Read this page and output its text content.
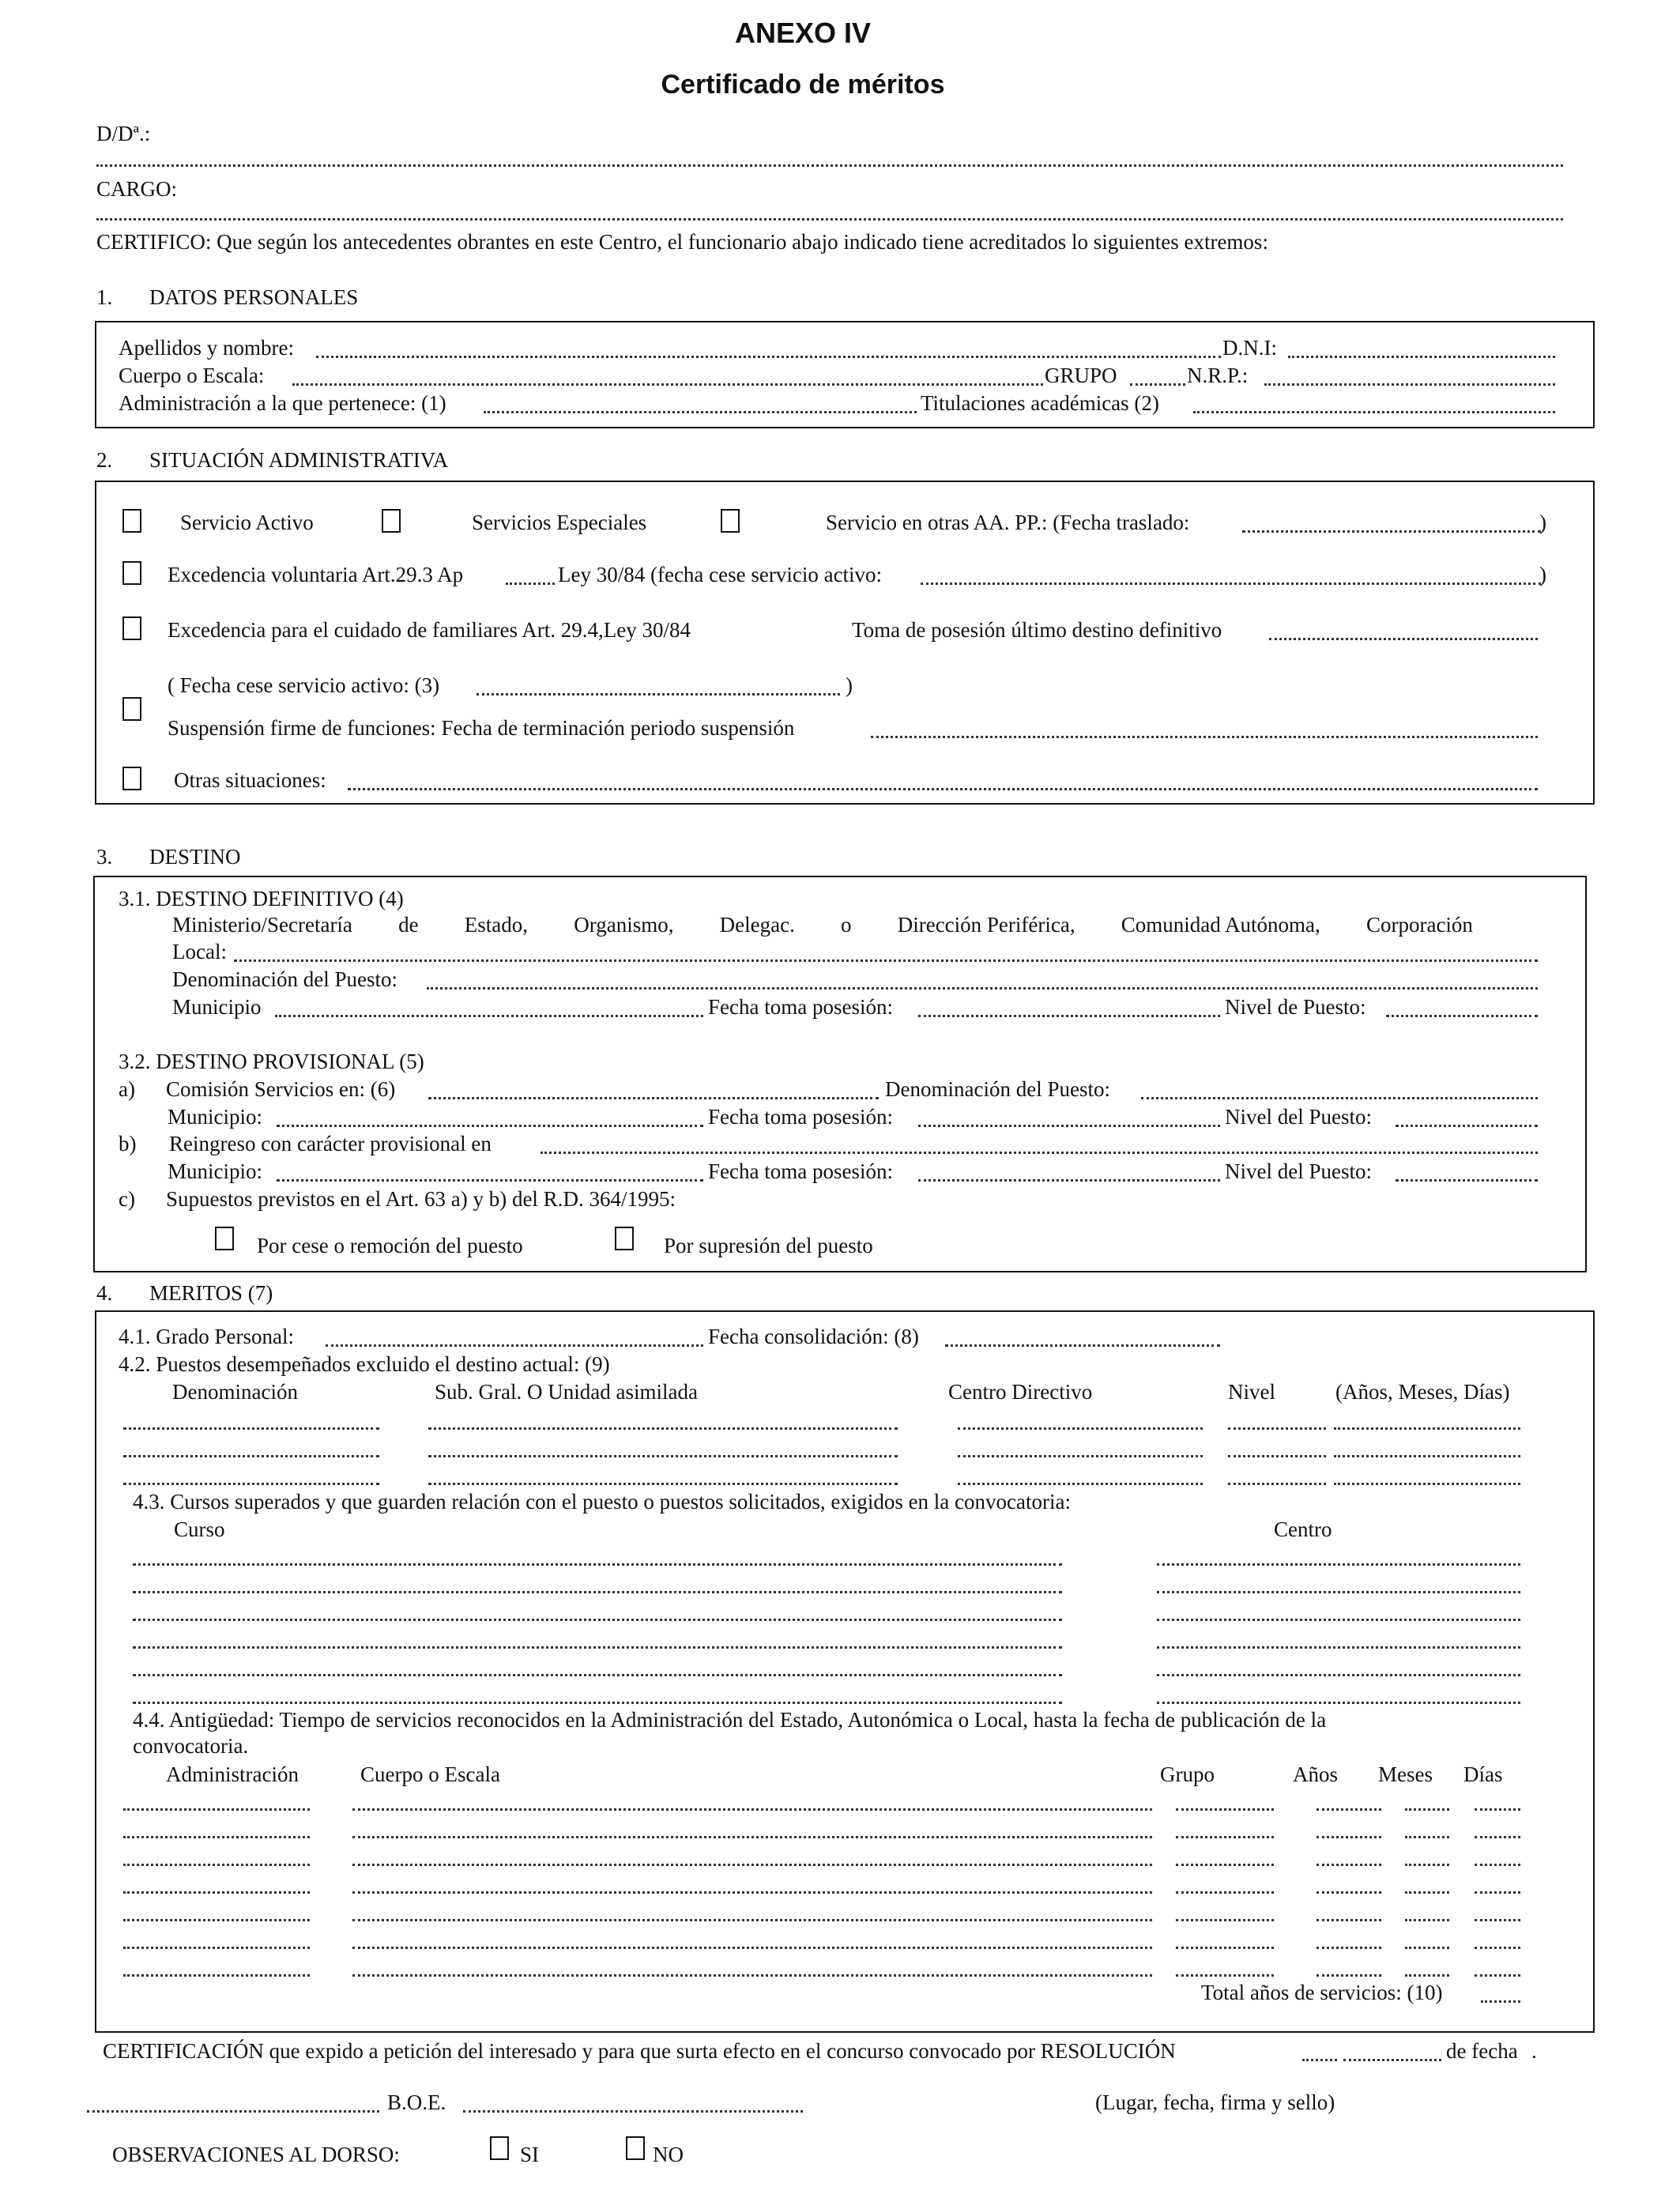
ANEXO IV
Certificado de méritos
D/Dª.:
CARGO:
CERTIFICO: Que según los antecedentes obrantes en este Centro, el funcionario abajo indicado tiene acreditados lo siguientes extremos:
1. DATOS PERSONALES
Apellidos y nombre:	D.N.I:
Cuerpo o Escala:	GRUPO	N.R.P.:
Administración a la que pertenece: (1)	Titulaciones académicas (2)
2. SITUACIÓN ADMINISTRATIVA
Servicio Activo	Servicios Especiales	Servicio en otras AA. PP.: (Fecha traslado:	)
Excedencia voluntaria Art.29.3 Ap	Ley 30/84 (fecha cese servicio activo:	)
Excedencia para el cuidado de familiares Art. 29.4,Ley 30/84	Toma de posesión último destino definitivo
( Fecha cese servicio activo: (3)	)
Suspensión firme de funciones: Fecha de terminación periodo suspensión
Otras situaciones:
3. DESTINO
3.1. DESTINO DEFINITIVO (4)
Ministerio/Secretaría de Estado, Organismo, Delegac. o Dirección Periférica, Comunidad Autónoma, Corporación
Local:
Denominación del Puesto:
Municipio	Fecha toma posesión:	Nivel de Puesto:
3.2. DESTINO PROVISIONAL (5)
a) Comisión Servicios en: (6)	Denominación del Puesto:
Municipio:	Fecha toma posesión:	Nivel del Puesto:
b) Reingreso con carácter provisional en
Municipio:	Fecha toma posesión:	Nivel del Puesto:
c) Supuestos previstos en el Art. 63 a) y b) del R.D. 364/1995:
Por cese o remoción del puesto	Por supresión del puesto
4. MERITOS (7)
4.1. Grado Personal:	Fecha consolidación: (8)
4.2. Puestos desempeñados excluido el destino actual: (9)
Denominación	Sub. Gral. O Unidad asimilada	Centro Directivo	Nivel	(Años, Meses, Días)
4.3. Cursos superados y que guarden relación con el puesto o puestos solicitados, exigidos en la convocatoria:
Curso	Centro
4.4. Antigüedad: Tiempo de servicios reconocidos en la Administración del Estado, Autonómica o Local, hasta la fecha de publicación de la
convocatoria.
Administración	Cuerpo o Escala	Grupo	Años Meses Días
Total años de servicios: (10)
CERTIFICACIÓN que expido a petición del interesado y para que surta efecto en el concurso convocado por RESOLUCIÓN	de fecha .
B.O.E.	(Lugar, fecha, firma y sello)
OBSERVACIONES AL DORSO:	SI	NO
